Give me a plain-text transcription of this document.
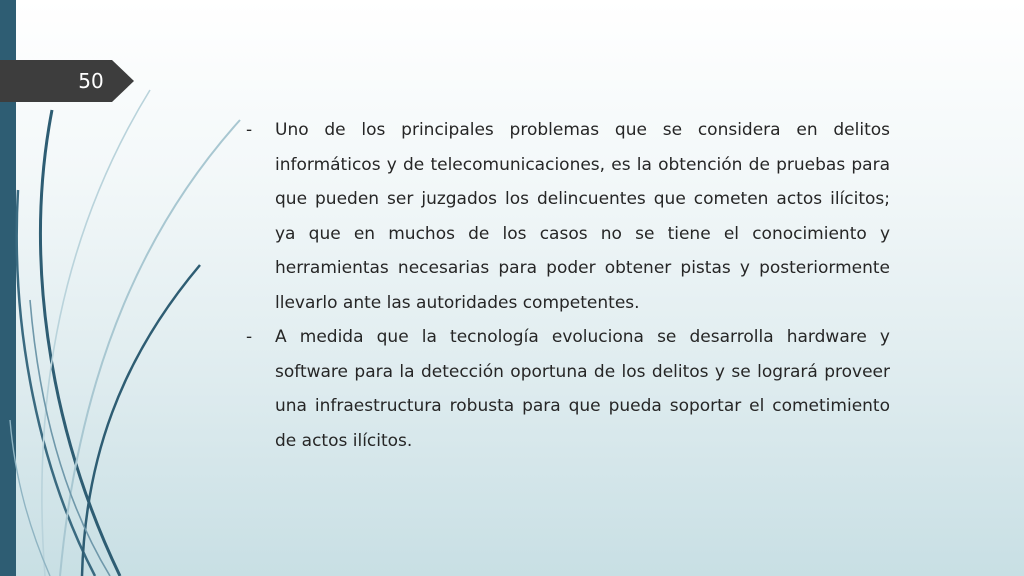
50

- Uno de los principales problemas que se considera en delitos informáticos y de telecomunicaciones, es la obtención de pruebas para que pueden ser juzgados los delincuentes que cometen actos ilícitos; ya que en muchos de los casos no se tiene el conocimiento y herramientas necesarias para poder obtener pistas y posteriormente llevarlo ante las autoridades competentes.

- A medida que la tecnología evoluciona se desarrolla hardware y software para la detección oportuna de los delitos y se logrará proveer una infraestructura robusta para que pueda soportar el cometimiento de actos ilícitos.
